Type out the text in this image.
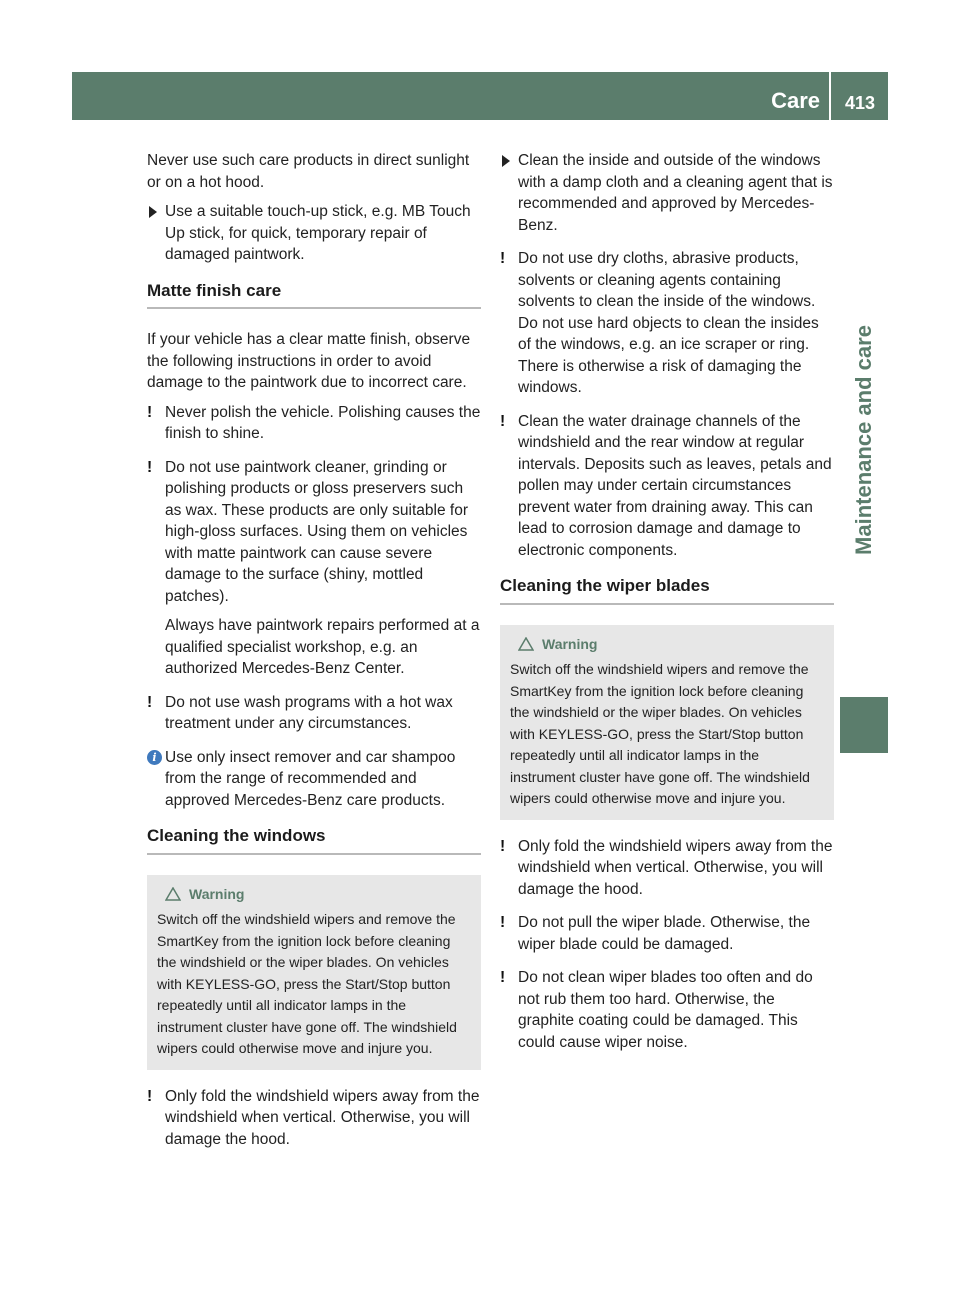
Care	413
Maintenance and care

Never use such care products in direct sunlight or on a hot hood.

Use a suitable touch-up stick, e.g. MB Touch Up stick, for quick, temporary repair of damaged paintwork.
Matte finish care

If your vehicle has a clear matte finish, observe the following instructions in order to avoid damage to the paintwork due to incorrect care.

! Never polish the vehicle. Polishing causes the finish to shine.
! Do not use paintwork cleaner, grinding or polishing products or gloss preservers such as wax. These products are only suitable for high-gloss surfaces. Using them on vehicles with matte paintwork can cause severe damage to the surface (shiny, mottled patches).
Always have paintwork repairs performed at a qualified specialist workshop, e.g. an authorized Mercedes-Benz Center.
! Do not use wash programs with a hot wax treatment under any circumstances.
i Use only insect remover and car shampoo from the range of recommended and approved Mercedes-Benz care products.
Cleaning the windows
Warning
Switch off the windshield wipers and remove the SmartKey from the ignition lock before cleaning the windshield or the wiper blades. On vehicles with KEYLESS-GO, press the Start/Stop button repeatedly until all indicator lamps in the instrument cluster have gone off. The windshield wipers could otherwise move and injure you.
! Only fold the windshield wipers away from the windshield when vertical. Otherwise, you will damage the hood.
Clean the inside and outside of the windows with a damp cloth and a cleaning agent that is recommended and approved by Mercedes-Benz.
! Do not use dry cloths, abrasive products, solvents or cleaning agents containing solvents to clean the inside of the windows. Do not use hard objects to clean the insides of the windows, e.g. an ice scraper or ring. There is otherwise a risk of damaging the windows.
! Clean the water drainage channels of the windshield and the rear window at regular intervals. Deposits such as leaves, petals and pollen may under certain circumstances prevent water from draining away. This can lead to corrosion damage and damage to electronic components.
Cleaning the wiper blades
Warning
Switch off the windshield wipers and remove the SmartKey from the ignition lock before cleaning the windshield or the wiper blades. On vehicles with KEYLESS-GO, press the Start/Stop button repeatedly until all indicator lamps in the instrument cluster have gone off. The windshield wipers could otherwise move and injure you.
! Only fold the windshield wipers away from the windshield when vertical. Otherwise, you will damage the hood.
! Do not pull the wiper blade. Otherwise, the wiper blade could be damaged.
! Do not clean wiper blades too often and do not rub them too hard. Otherwise, the graphite coating could be damaged. This could cause wiper noise.
